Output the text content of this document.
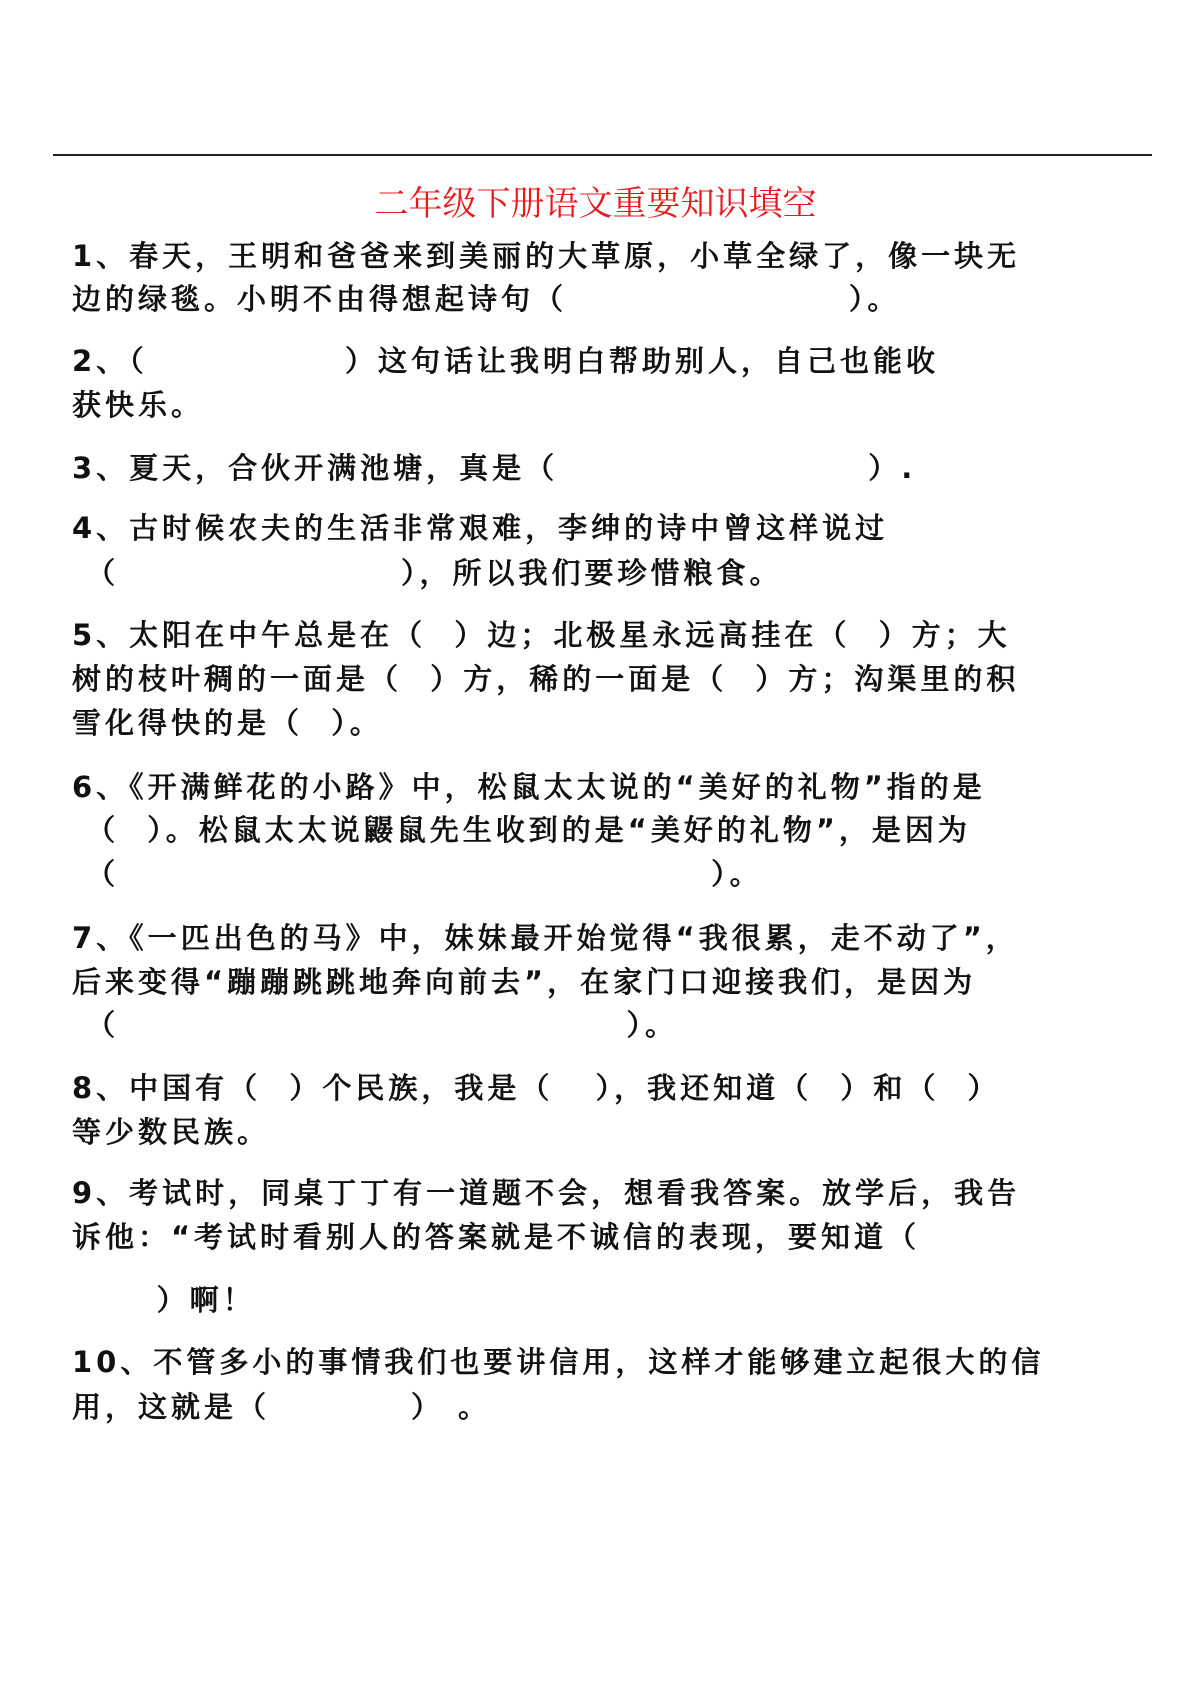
二年级下册语文重要知识填空
1、春天，王明和爸爸来到美丽的大草原，小草全绿了，像一块无
边的绿毯。小明不由得想起诗句（                    ）。
2、（              ）这句话让我明白帮助别人，自己也能收
获快乐。
3、夏天，合伙开满池塘，真是（                      ）.
4、古时候农夫的生活非常艰难，李绅的诗中曾这样说过
（                    ），所以我们要珍惜粮食。
5、太阳在中午总是在（  ）边；北极星永远高挂在（  ）方；大
树的枝叶稠的一面是（  ）方，稀的一面是（  ）方；沟渠里的积
雪化得快的是（  ）。
6、《开满鲜花的小路》中，松鼠太太说的“美好的礼物”指的是
（  ）。松鼠太太说鼹鼠先生收到的是“美好的礼物”，是因为
（                                          ）。
7、《一匹出色的马》中，妹妹最开始觉得“我很累，走不动了”，
后来变得“蹦蹦跳跳地奔向前去”，在家门口迎接我们，是因为
（                                    ）。
8、中国有（  ）个民族，我是（   ），我还知道（  ）和（  ）
等少数民族。
9、考试时，同桌丁丁有一道题不会，想看我答案。放学后，我告
诉他：“考试时看别人的答案就是不诚信的表现，要知道（
）啊！
10、不管多小的事情我们也要讲信用，这样才能够建立起很大的信
用，这就是（          ） 。
